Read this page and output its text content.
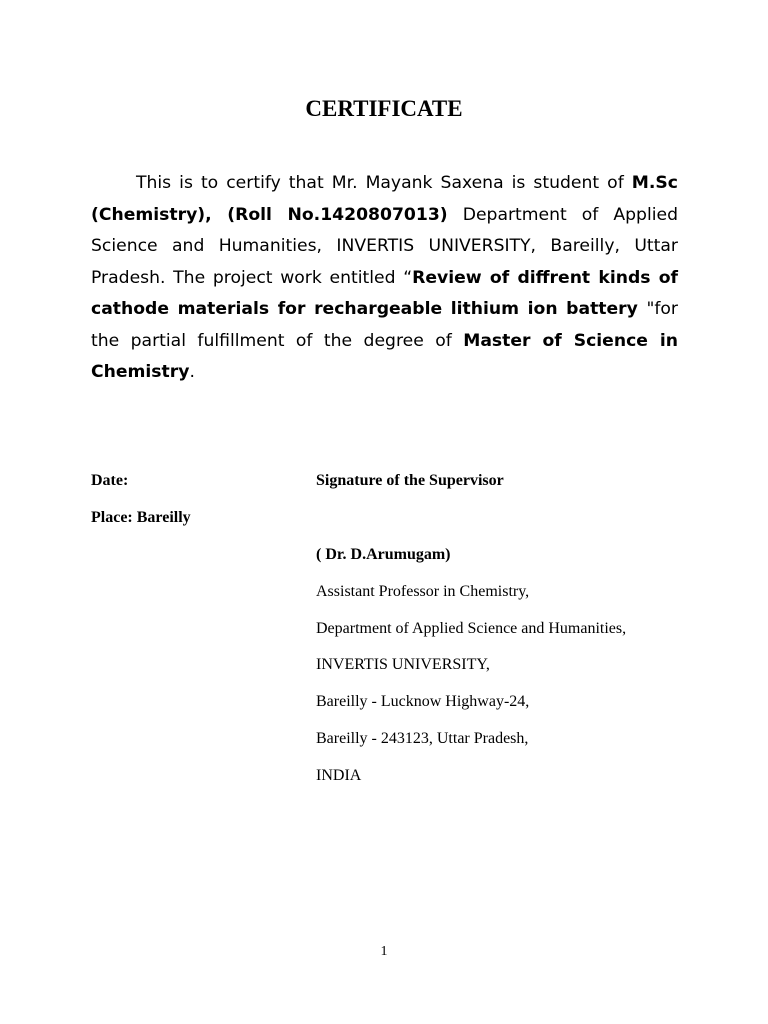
CERTIFICATE

This is to certify that Mr. Mayank Saxena is student of M.Sc (Chemistry), (Roll No.1420807013) Department of Applied Science and Humanities, INVERTIS UNIVERSITY, Bareilly, Uttar Pradesh. The project work entitled “Review of diffrent kinds of cathode materials for rechargeable lithium ion battery "for the partial fulfillment of the degree of Master of Science in Chemistry.

Date:	Signature of the Supervisor
Place: Bareilly
( Dr. D.Arumugam)
Assistant Professor in Chemistry,
Department of Applied Science and Humanities,
INVERTIS UNIVERSITY,
Bareilly - Lucknow Highway-24,
Bareilly - 243123, Uttar Pradesh,
INDIA
1
